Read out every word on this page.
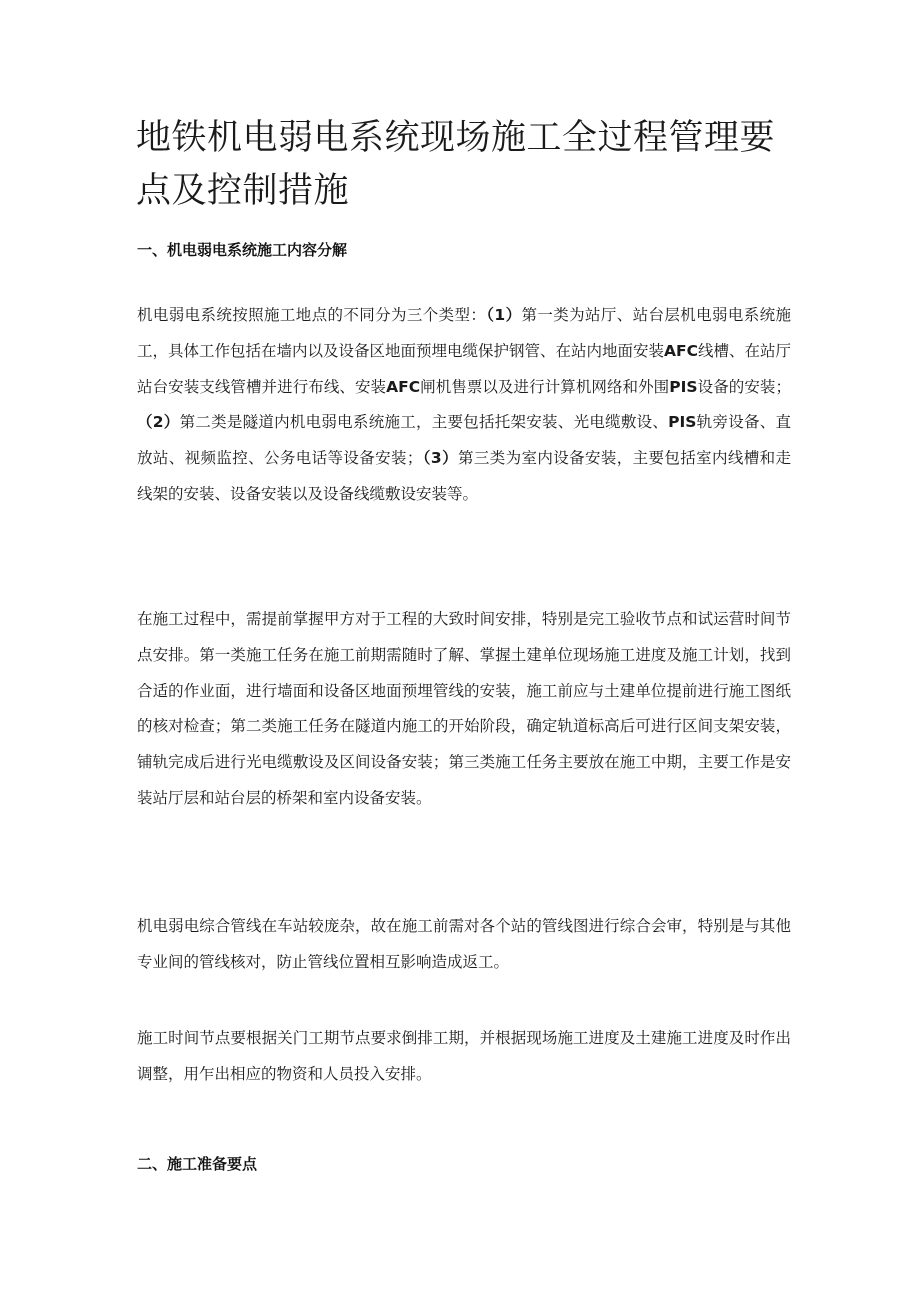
地铁机电弱电系统现场施工全过程管理要点及控制措施
一、机电弱电系统施工内容分解

机电弱电系统按照施工地点的不同分为三个类型：（1）第一类为站厅、站台层机电弱电系统施工，具体工作包括在墙内以及设备区地面预埋电缆保护钢管、在站内地面安装AFC线槽、在站厅站台安装支线管槽并进行布线、安装AFC闸机售票以及进行计算机网络和外围PIS设备的安装；（2）第二类是隧道内机电弱电系统施工，主要包括托架安装、光电缆敷设、PIS轨旁设备、直放站、视频监控、公务电话等设备安装；（3）第三类为室内设备安装，主要包括室内线槽和走线架的安装、设备安装以及设备线缆敷设安装等。

在施工过程中，需提前掌握甲方对于工程的大致时间安排，特别是完工验收节点和试运营时间节点安排。第一类施工任务在施工前期需随时了解、掌握土建单位现场施工进度及施工计划，找到合适的作业面，进行墙面和设备区地面预埋管线的安装，施工前应与土建单位提前进行施工图纸的核对检查；第二类施工任务在隧道内施工的开始阶段，确定轨道标高后可进行区间支架安装，铺轨完成后进行光电缆敷设及区间设备安装；第三类施工任务主要放在施工中期，主要工作是安装站厅层和站台层的桥架和室内设备安装。

机电弱电综合管线在车站较庞杂，故在施工前需对各个站的管线图进行综合会审，特别是与其他专业间的管线核对，防止管线位置相互影响造成返工。

施工时间节点要根据关门工期节点要求倒排工期，并根据现场施工进度及土建施工进度及时作出调整，用乍出相应的物资和人员投入安排。

二、施工准备要点
